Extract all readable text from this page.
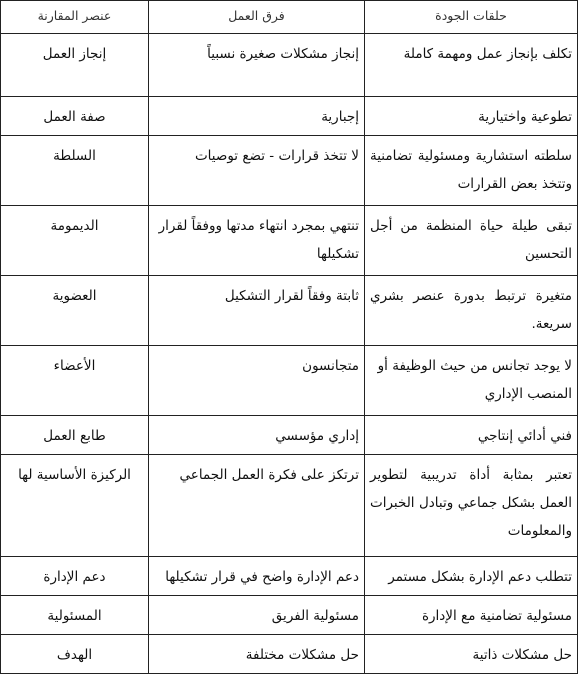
حلقات الجودة	فرق العمل	عنصر المقارنة
تكلف بإنجاز عمل ومهمة كاملة	إنجاز مشكلات صغيرة نسبياً	إنجاز العمل
تطوعية واختيارية	إجبارية	صفة العمل
سلطته استشارية ومسئولية تضامنية وتتخذ بعض القرارات	لا تتخذ قرارات - تضع توصيات	السلطة
تبقى طيلة حياة المنظمة من أجل التحسين	تنتهي بمجرد انتهاء مدتها ووفقاً لقرار تشكيلها	الديمومة
متغيرة ترتبط بدورة عنصر بشري سريعة.	ثابتة وفقاً لقرار التشكيل	العضوية
لا يوجد تجانس من حيث الوظيفة أو المنصب الإداري	متجانسون	الأعضاء
فني أدائي إنتاجي	إداري مؤسسي	طابع العمل
تعتبر بمثابة أداة تدريبية لتطوير العمل بشكل جماعي وتبادل الخبرات والمعلومات	ترتكز على فكرة العمل الجماعي	الركيزة الأساسية لها
تتطلب دعم الإدارة بشكل مستمر	دعم الإدارة واضح في قرار تشكيلها	دعم الإدارة
مسئولية تضامنية مع الإدارة	مسئولية الفريق	المسئولية
حل مشكلات ذاتية	حل مشكلات مختلفة	الهدف
